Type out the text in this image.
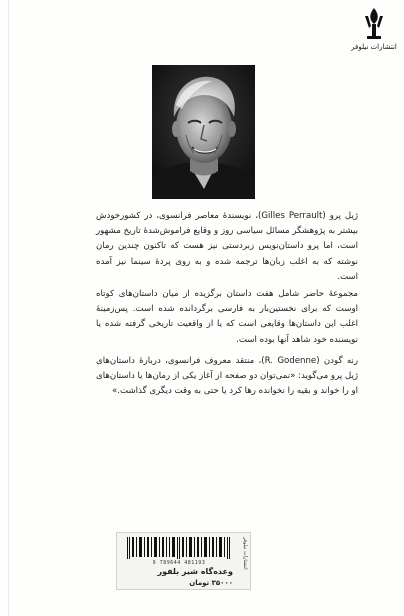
انتشارات نیلوفر

ژیل پرو (Gilles Perrault)، نویسندهٔ معاصر فرانسوی، در کشورخودش بیشتر به پژوهشگر مسائل سیاسی روز و وقایع فراموش‌شدهٔ تاریخ مشهور است، اما پرو داستان‌نویس زبردستی نیز هست که تاکنون چندین رمان نوشته که به اغلب زبان‌ها ترجمه شده و به روی پردهٔ سینما نیز آمده است.

مجموعهٔ حاضر شامل هفت داستان برگزیده از میان داستان‌های کوتاه اوست که برای نخستین‌بار به فارسی برگردانده شده است. پس‌زمینهٔ اغلب این داستان‌ها وقایعی است که یا از واقعیت تاریخی گرفته شده یا نویسنده خود شاهد آنها بوده است.

رنه گودن (R. Godenne)، منتقد معروف فرانسوی، دربارهٔ داستان‌های ژیل پرو می‌گوید: «نمی‌توان دو صفحه از آغاز یکی از رمان‌ها یا داستان‌های او را خواند و بقیه را نخوانده رها کرد یا حتی به وقت دیگری گذاشت.»

9 789644 481193	انتشارات نیلوفر
وعده‌گاه شیر بلفور
۳۵۰۰۰ تومان
